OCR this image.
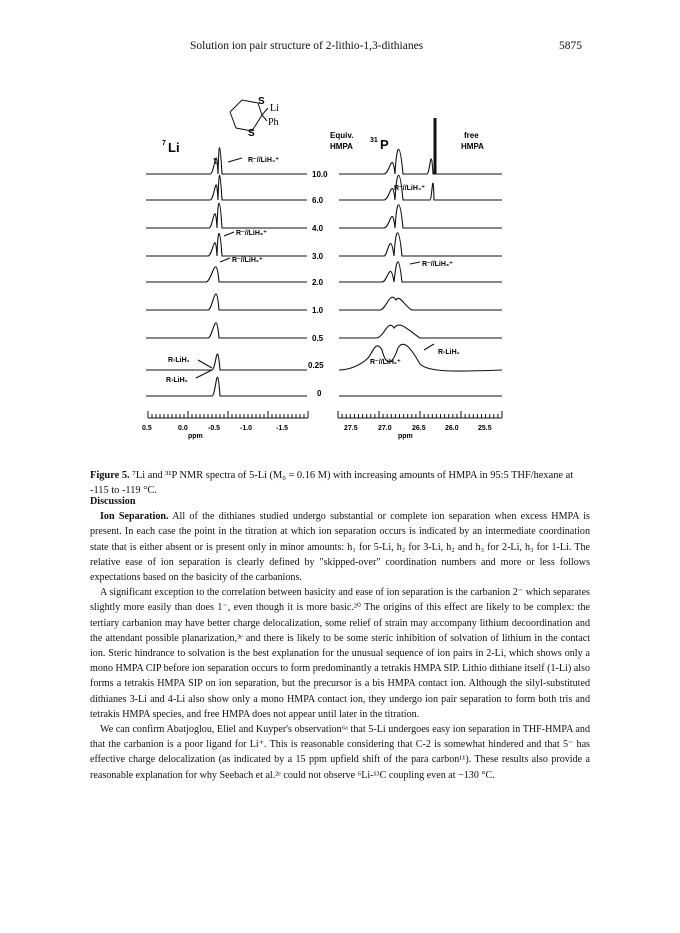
Solution ion pair structure of 2-lithio-1,3-dithianes	5875
S
S
Li
Ph
7 Li
Equiv.
HMPA
31 P
free
HMPA
R⁻//LiH₄⁺
R⁻//LiH₃⁺
R⁻//LiH₂⁺
R-LiH₁
R-LiH₀
10.0
6.0
4.0
3.0
2.0
1.0
0.5
0.25
0
R⁻//LiH₄⁺
R⁻//LiH₃⁺
R⁻//LiH₂⁺
R-LiH₁
0.5	0.0	-0.5	-1.0	-1.5
ppm
27.5	27.0	26.5	26.0	25.5
ppm
Figure 5. ⁷Li and ³¹P NMR spectra of 5-Li (M₀ = 0.16 M) with increasing amounts of HMPA in 95:5 THF/hexane at -115 to -119 °C.

Discussion

Ion Separation. All of the dithianes studied undergo substantial or complete ion separation when excess HMPA is present. In each case the point in the titration at which ion separation occurs is indicated by an intermediate coordination state that is either absent or is present only in minor amounts: h₁ for 5-Li, h₂ for 3-Li, h₂ and h₃ for 2-Li, h₃ for 1-Li. The relative ease of ion separation is clearly defined by "skipped-over" coordination numbers and more or less follows expectations based on the basicity of the carbanions.

A significant exception to the correlation between basicity and ease of ion separation is the carbanion 2⁻ which separates slightly more easily than does 1⁻, even though it is more basic.²⁰ The origins of this effect are likely to be complex: the tertiary carbanion may have better charge delocalization, some relief of strain may accompany lithium decoordination and the attendant possible planarization,³ᵉ and there is likely to be some steric inhibition of solvation of lithium in the contact ion. Steric hindrance to solvation is the best explanation for the unusual sequence of ion pairs in 2-Li, which shows only a mono HMPA CIP before ion separation occurs to form predominantly a tetrakis HMPA SIP. Lithio dithiane itself (1-Li) also forms a tetrakis HMPA SIP on ion separation, but the precursor is a bis HMPA contact ion. Although the silyl-substituted dithianes 3-Li and 4-Li also show only a mono HMPA contact ion, they undergo ion pair separation to form both tris and tetrakis HMPA species, and free HMPA does not appear until later in the titration.

We can confirm Abatjoglou, Eliel and Kuyper's observation⁶ᵃ that 5-Li undergoes easy ion separation in THF-HMPA and that the carbanion is a poor ligand for Li⁺. This is reasonable considering that C-2 is somewhat hindered and that 5⁻ has effective charge delocalization (as indicated by a 15 ppm upfield shift of the para carbon¹¹). These results also provide a reasonable explanation for why Seebach et al.²ᵉ could not observe ⁶Li-¹³C coupling even at −130 °C.
